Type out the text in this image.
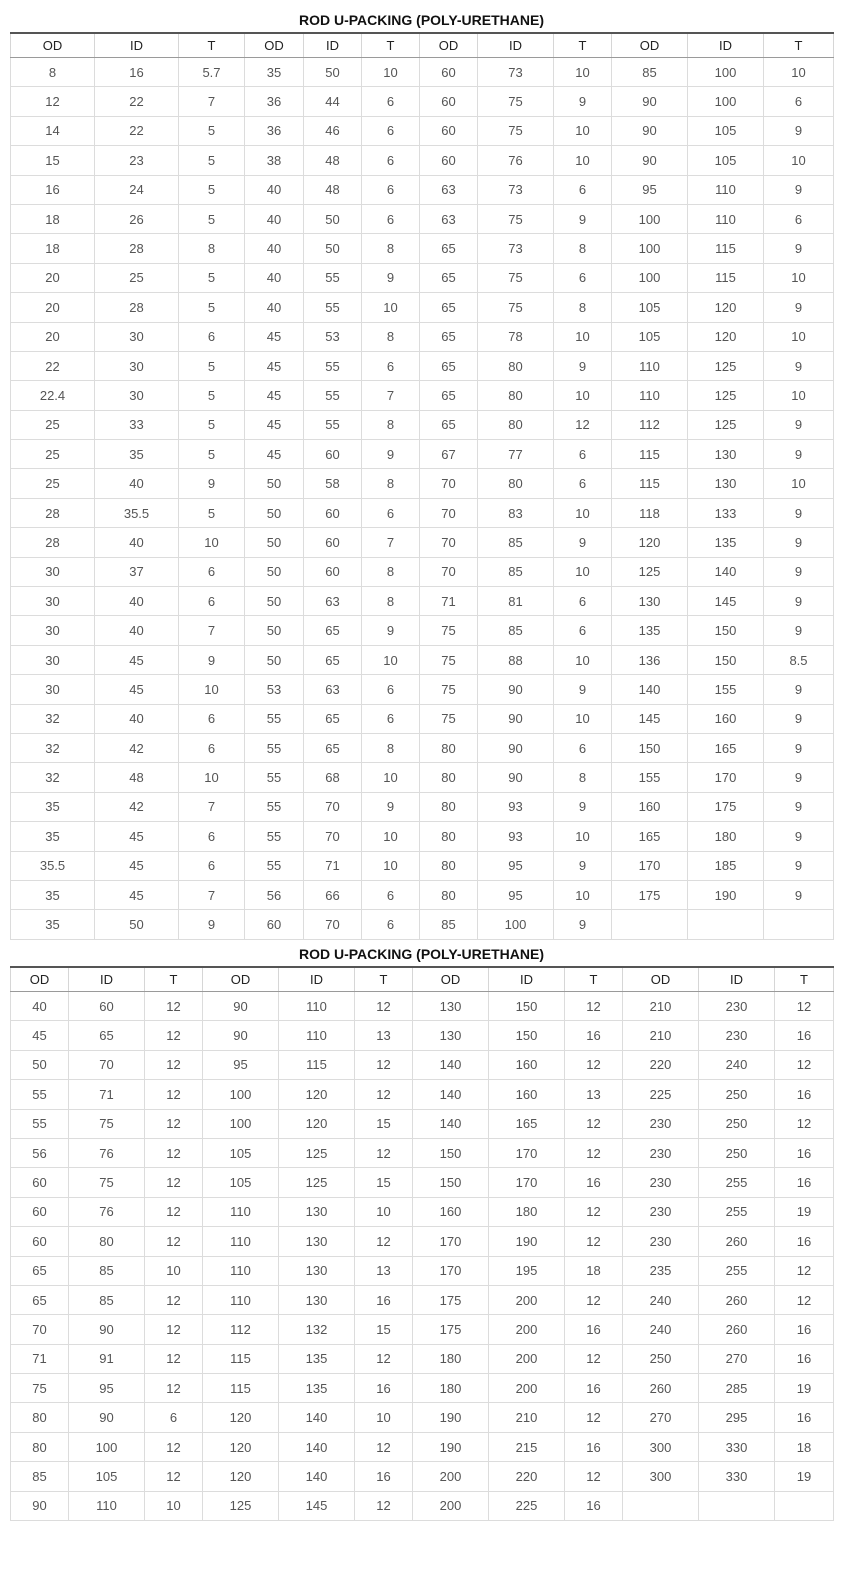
ROD U-PACKING (POLY-URETHANE)
OD	ID	T	OD	ID	T	OD	ID	T	OD	ID	T
8	16	5.7	35	50	10	60	73	10	85	100	10
12	22	7	36	44	6	60	75	9	90	100	6
14	22	5	36	46	6	60	75	10	90	105	9
15	23	5	38	48	6	60	76	10	90	105	10
16	24	5	40	48	6	63	73	6	95	110	9
18	26	5	40	50	6	63	75	9	100	110	6
18	28	8	40	50	8	65	73	8	100	115	9
20	25	5	40	55	9	65	75	6	100	115	10
20	28	5	40	55	10	65	75	8	105	120	9
20	30	6	45	53	8	65	78	10	105	120	10
22	30	5	45	55	6	65	80	9	110	125	9
22.4	30	5	45	55	7	65	80	10	110	125	10
25	33	5	45	55	8	65	80	12	112	125	9
25	35	5	45	60	9	67	77	6	115	130	9
25	40	9	50	58	8	70	80	6	115	130	10
28	35.5	5	50	60	6	70	83	10	118	133	9
28	40	10	50	60	7	70	85	9	120	135	9
30	37	6	50	60	8	70	85	10	125	140	9
30	40	6	50	63	8	71	81	6	130	145	9
30	40	7	50	65	9	75	85	6	135	150	9
30	45	9	50	65	10	75	88	10	136	150	8.5
30	45	10	53	63	6	75	90	9	140	155	9
32	40	6	55	65	6	75	90	10	145	160	9
32	42	6	55	65	8	80	90	6	150	165	9
32	48	10	55	68	10	80	90	8	155	170	9
35	42	7	55	70	9	80	93	9	160	175	9
35	45	6	55	70	10	80	93	10	165	180	9
35.5	45	6	55	71	10	80	95	9	170	185	9
35	45	7	56	66	6	80	95	10	175	190	9
35	50	9	60	70	6	85	100	9			
ROD U-PACKING (POLY-URETHANE)
OD	ID	T	OD	ID	T	OD	ID	T	OD	ID	T
40	60	12	90	110	12	130	150	12	210	230	12
45	65	12	90	110	13	130	150	16	210	230	16
50	70	12	95	115	12	140	160	12	220	240	12
55	71	12	100	120	12	140	160	13	225	250	16
55	75	12	100	120	15	140	165	12	230	250	12
56	76	12	105	125	12	150	170	12	230	250	16
60	75	12	105	125	15	150	170	16	230	255	16
60	76	12	110	130	10	160	180	12	230	255	19
60	80	12	110	130	12	170	190	12	230	260	16
65	85	10	110	130	13	170	195	18	235	255	12
65	85	12	110	130	16	175	200	12	240	260	12
70	90	12	112	132	15	175	200	16	240	260	16
71	91	12	115	135	12	180	200	12	250	270	16
75	95	12	115	135	16	180	200	16	260	285	19
80	90	6	120	140	10	190	210	12	270	295	16
80	100	12	120	140	12	190	215	16	300	330	18
85	105	12	120	140	16	200	220	12	300	330	19
90	110	10	125	145	12	200	225	16			
